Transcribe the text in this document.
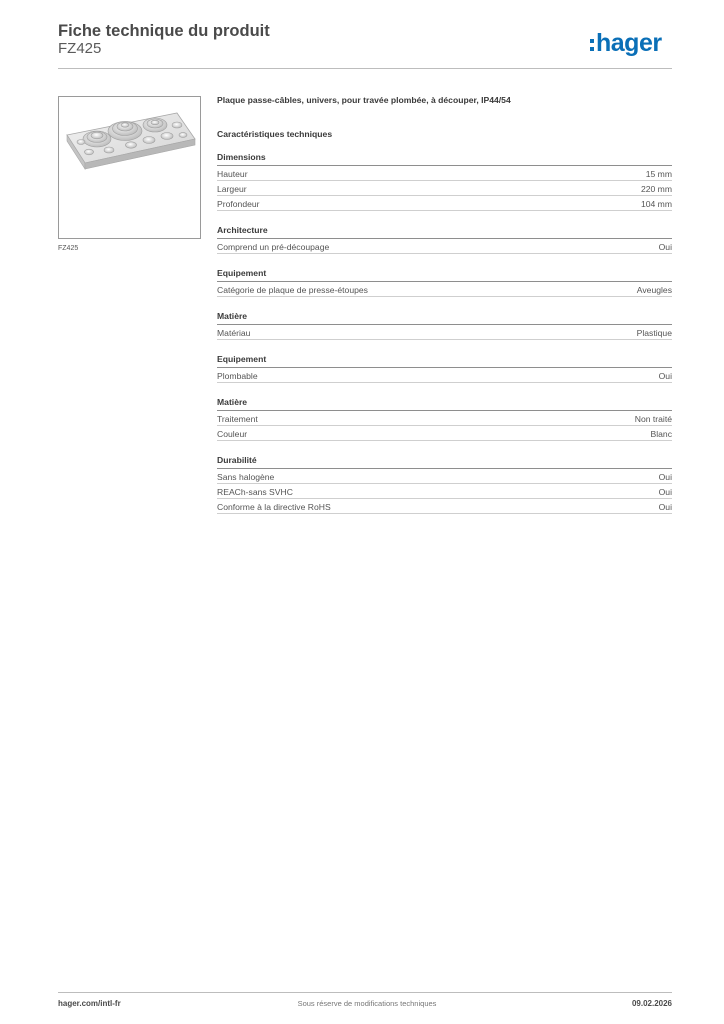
Fiche technique du produit
FZ425	hager
FZ425
Plaque passe-câbles, univers, pour travée plombée, à découper, IP44/54
Caractéristiques techniques
Dimensions
Hauteur	15 mm
Largeur	220 mm
Profondeur	104 mm
Architecture
Comprend un pré-découpage	Oui
Equipement
Catégorie de plaque de presse-étoupes	Aveugles
Matière
Matériau	Plastique
Equipement
Plombable	Oui
Matière
Traitement	Non traité
Couleur	Blanc
Durabilité
Sans halogène	Oui
REACh-sans SVHC	Oui
Conforme à la directive RoHS	Oui
hager.com/intl-fr	Sous réserve de modifications techniques	09.02.2026
